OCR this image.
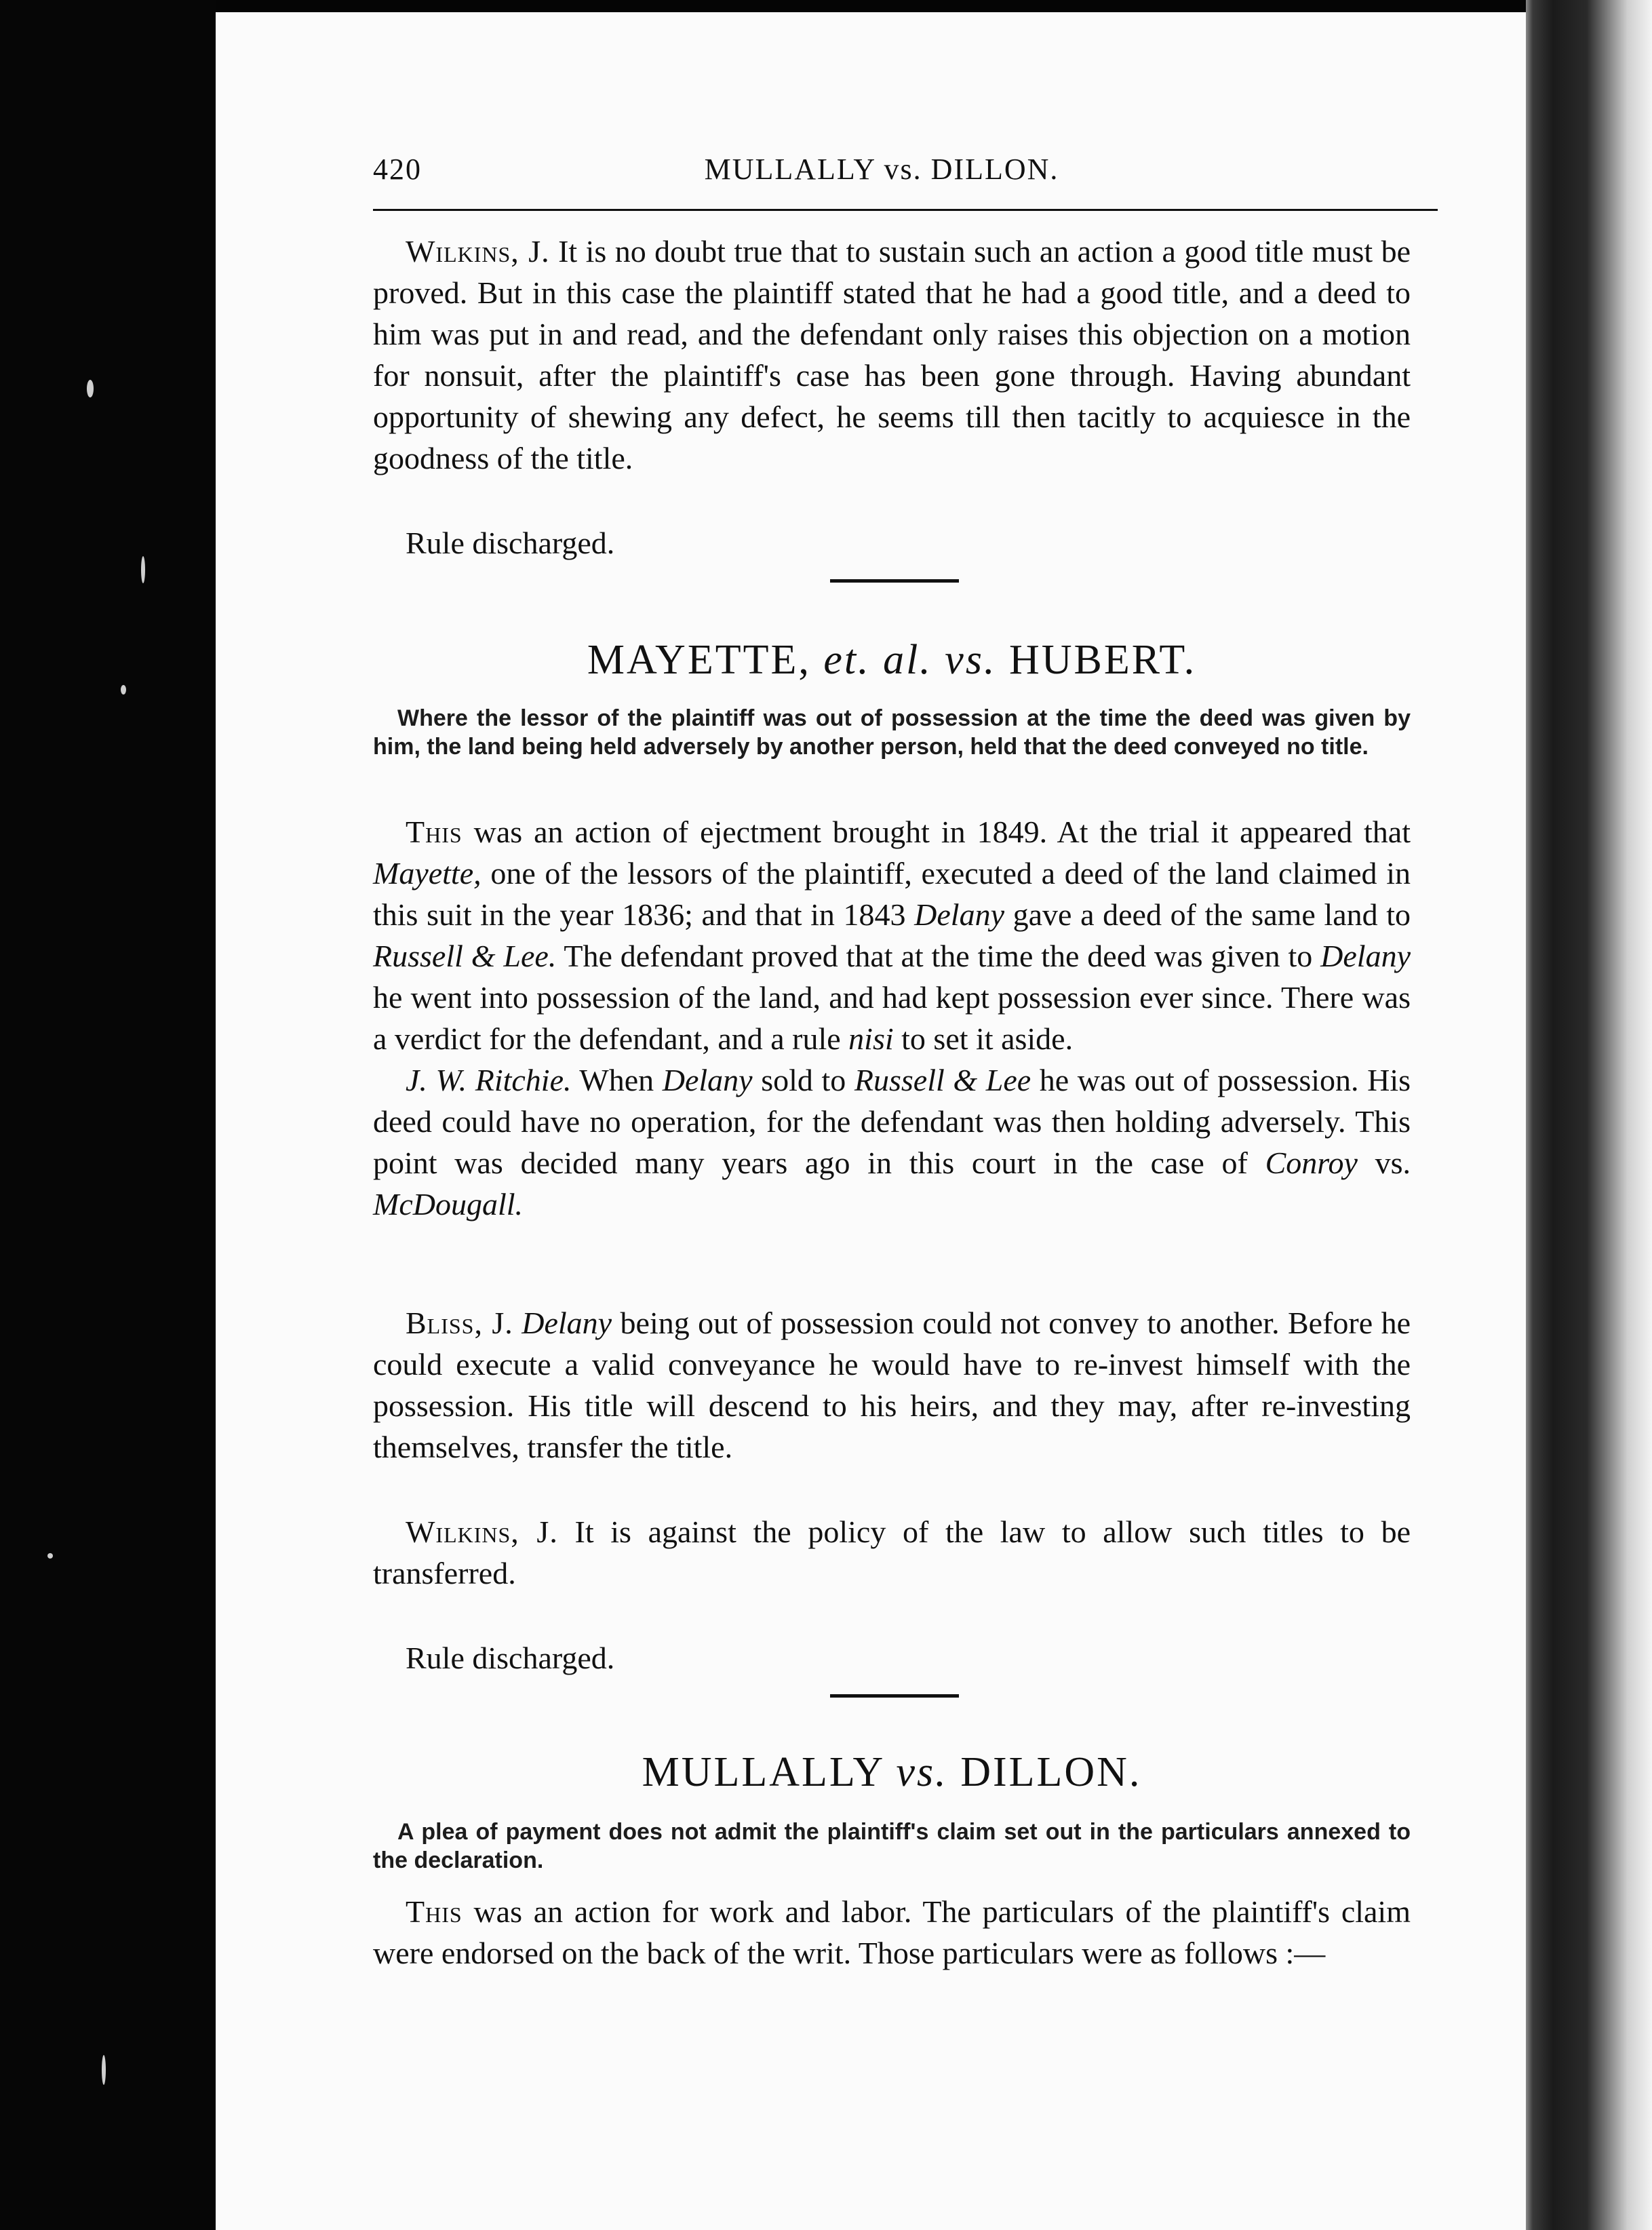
420	MULLALLY vs. DILLON.
Wilkins, J. It is no doubt true that to sustain such an action a good title must be proved. But in this case the plaintiff stated that he had a good title, and a deed to him was put in and read, and the defendant only raises this objection on a motion for nonsuit, after the plaintiff's case has been gone through. Having abundant opportunity of shewing any defect, he seems till then tacitly to acquiesce in the goodness of the title.
Rule discharged.
MAYETTE, et. al. vs. HUBERT.
Where the lessor of the plaintiff was out of possession at the time the deed was given by him, the land being held adversely by another person, held that the deed conveyed no title.
This was an action of ejectment brought in 1849. At the trial it appeared that Mayette, one of the lessors of the plaintiff, executed a deed of the land claimed in this suit in the year 1836; and that in 1843 Delany gave a deed of the same land to Russell & Lee. The defendant proved that at the time the deed was given to Delany he went into possession of the land, and had kept possession ever since. There was a verdict for the defendant, and a rule nisi to set it aside.
J. W. Ritchie. When Delany sold to Russell & Lee he was out of possession. His deed could have no operation, for the defendant was then holding adversely. This point was decided many years ago in this court in the case of Conroy vs. McDougall.
Bliss, J. Delany being out of possession could not convey to another. Before he could execute a valid conveyance he would have to re-invest himself with the possession. His title will descend to his heirs, and they may, after re-investing themselves, transfer the title.
Wilkins, J. It is against the policy of the law to allow such titles to be transferred.
Rule discharged.
MULLALLY vs. DILLON.
A plea of payment does not admit the plaintiff's claim set out in the particulars annexed to the declaration.
This was an action for work and labor. The particulars of the plaintiff's claim were endorsed on the back of the writ. Those particulars were as follows :—
